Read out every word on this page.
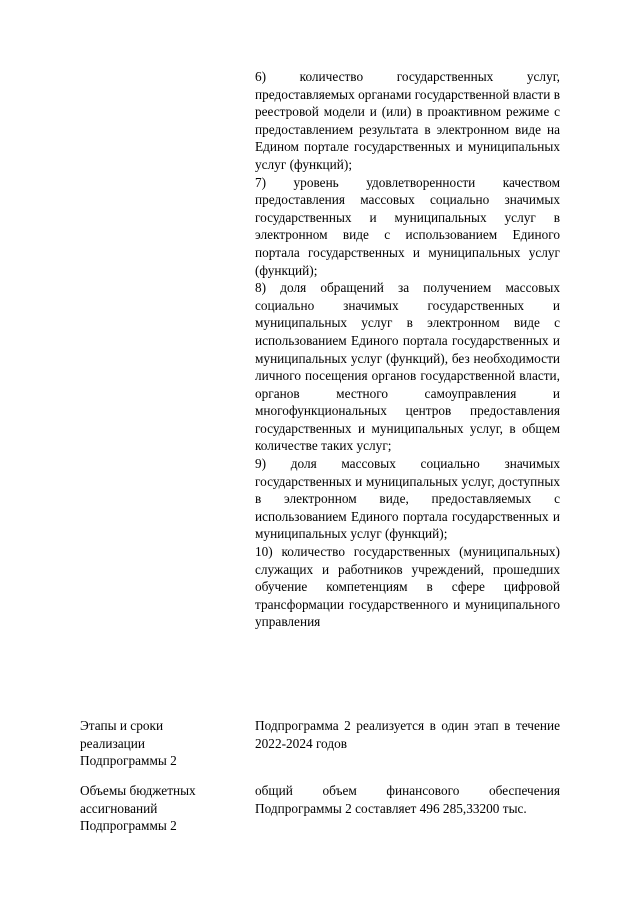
6) количество государственных услуг, предоставляемых органами государственной власти в реестровой модели и (или) в проактивном режиме с предоставлением результата в электронном виде на Едином портале государственных и муниципальных услуг (функций);

7) уровень удовлетворенности качеством предоставления массовых социально значимых государственных и муниципальных услуг в электронном виде с использованием Единого портала государственных и муниципальных услуг (функций);

8) доля обращений за получением массовых социально значимых государственных и муниципальных услуг в электронном виде с использованием Единого портала государственных и муниципальных услуг (функций), без необходимости личного посещения органов государственной власти, органов местного самоуправления и многофункциональных центров предоставления государственных и муниципальных услуг, в общем количестве таких услуг;

9) доля массовых социально значимых государственных и муниципальных услуг, доступных в электронном виде, предоставляемых с использованием Единого портала государственных и муниципальных услуг (функций);

10) количество государственных (муниципальных) служащих и работников учреждений, прошедших обучение компетенциям в сфере цифровой трансформации государственного и муниципального управления

Этапы и сроки
реализации
Подпрограммы 2

Подпрограмма 2 реализуется в один этап в течение 2022-2024 годов

Объемы бюджетных
ассигнований
Подпрограммы 2

общий объем финансового обеспечения Подпрограммы 2 составляет 496 285,33200 тыс.
